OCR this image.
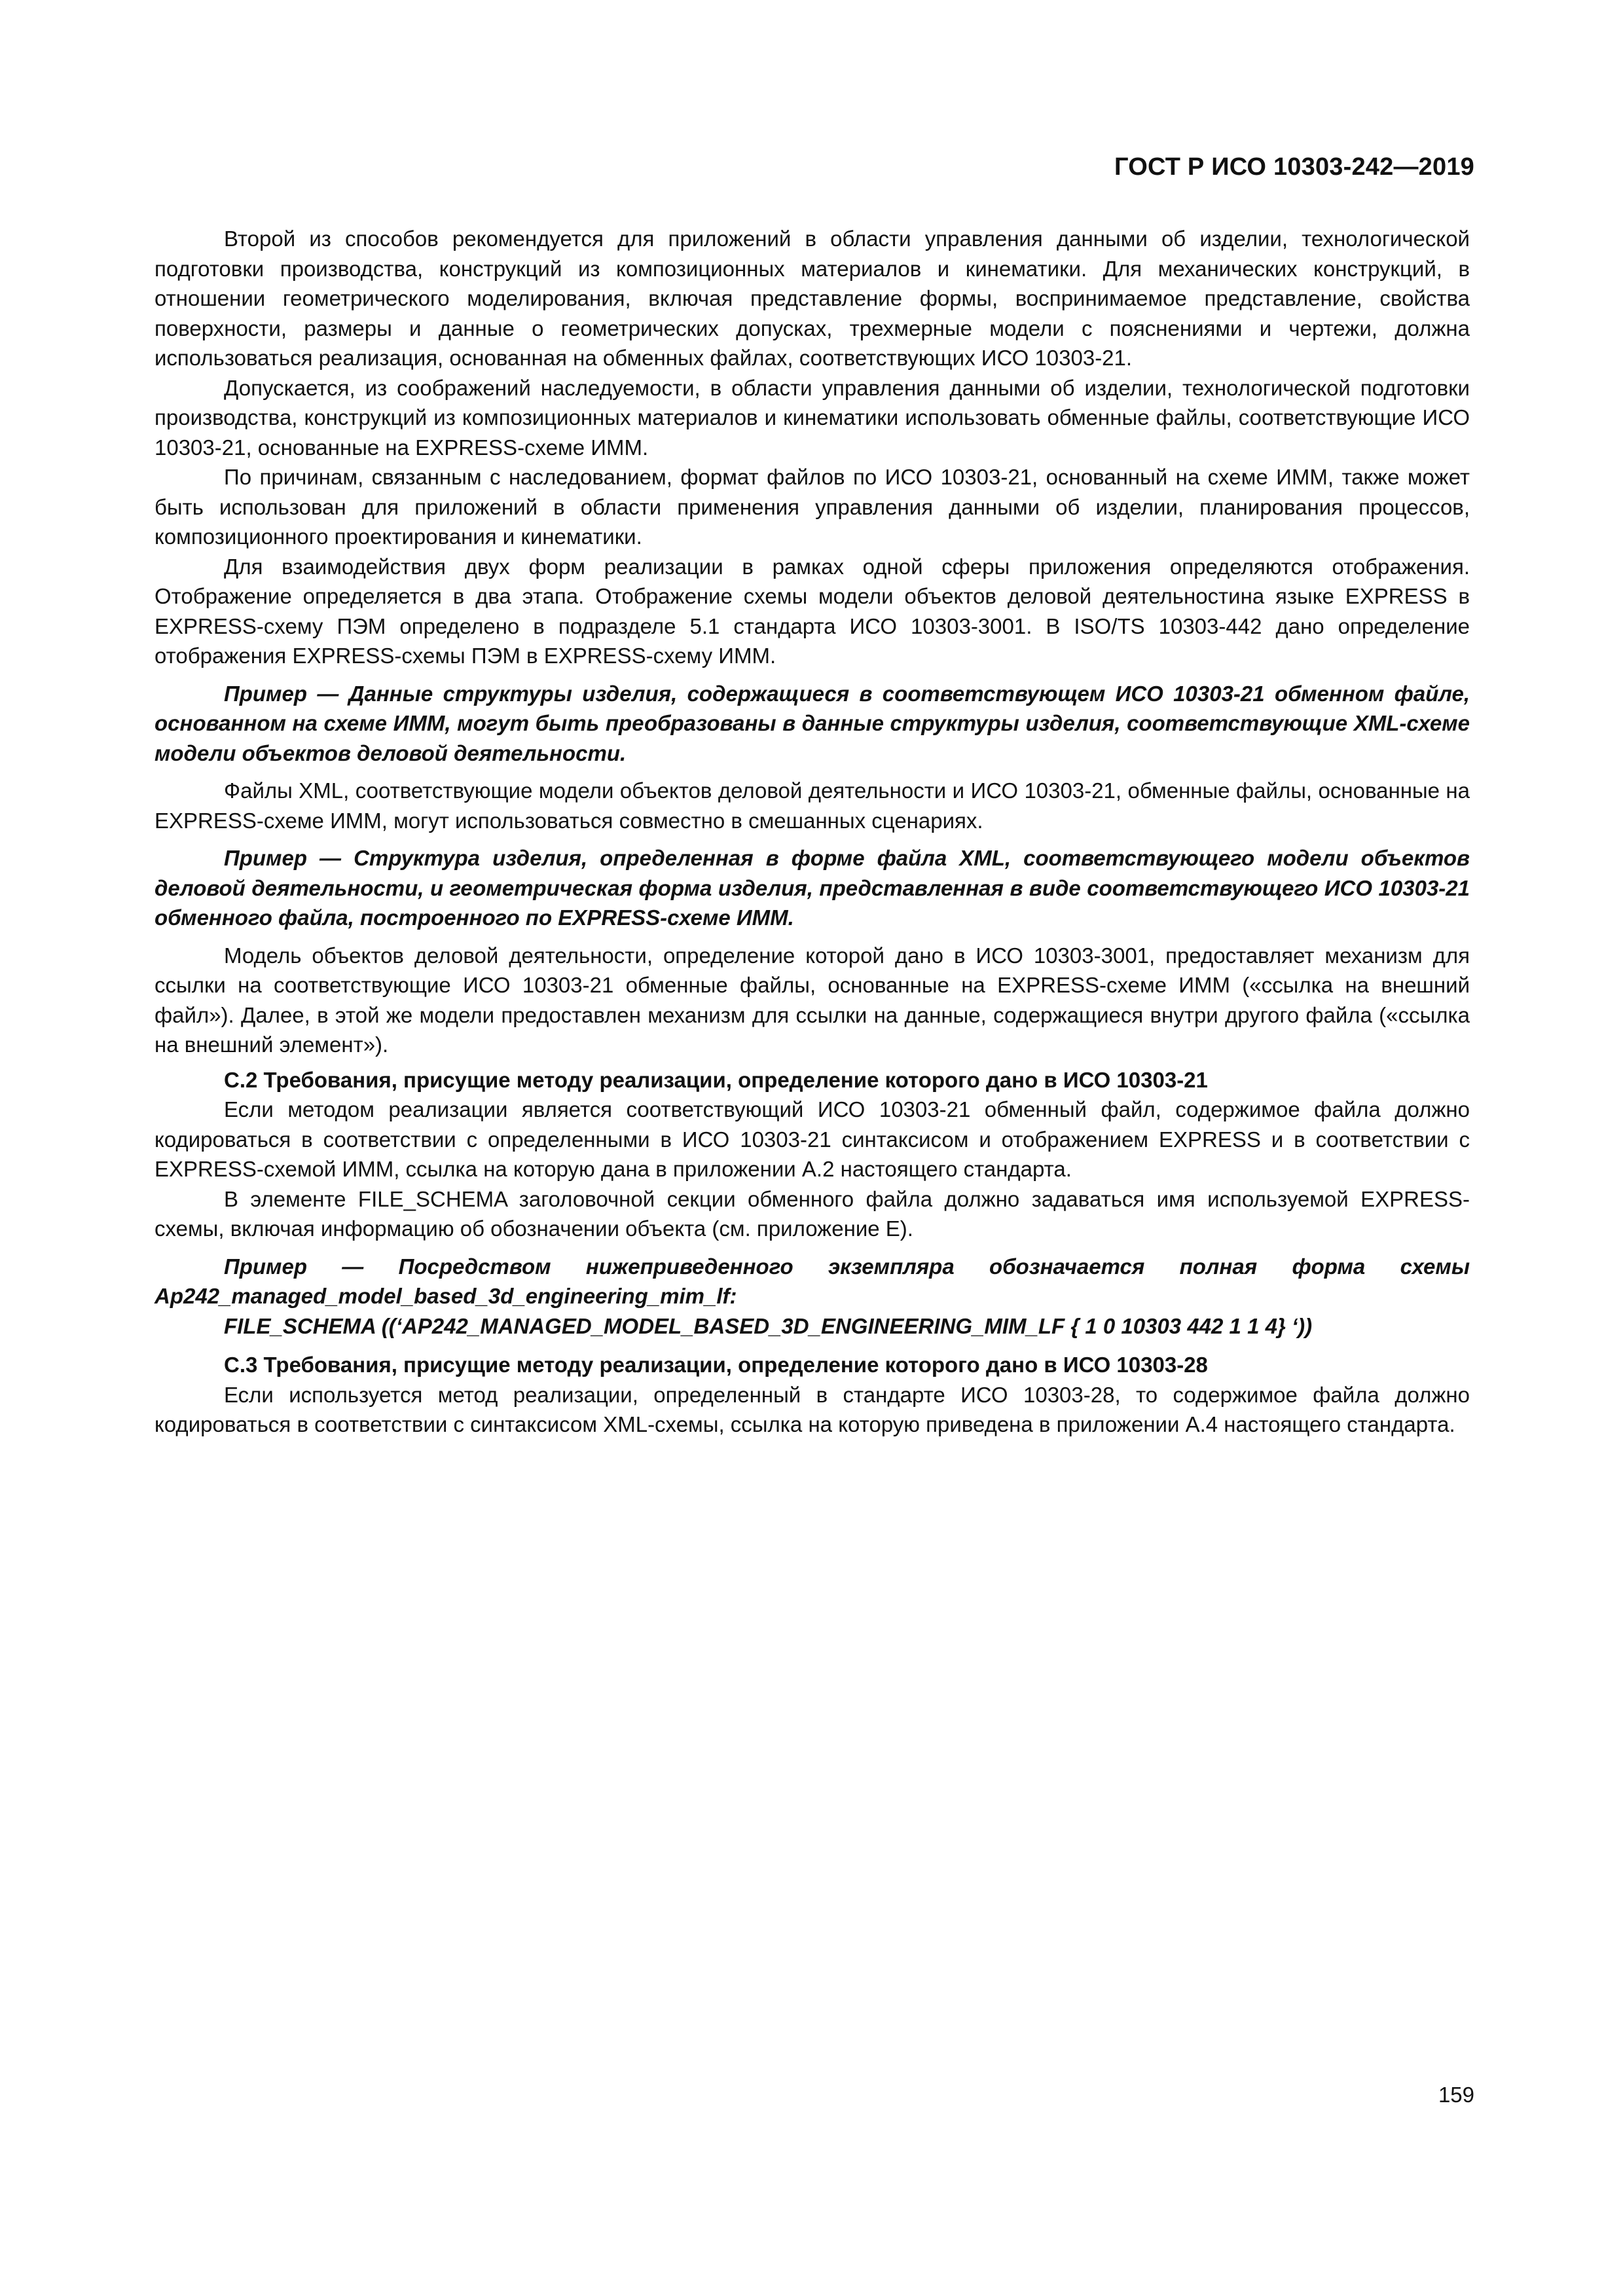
ГОСТ Р ИСО 10303-242—2019

Второй из способов рекомендуется для приложений в области управления данными об изделии, технологической подготовки производства, конструкций из композиционных материалов и кинематики. Для механических конструкций, в отношении геометрического моделирования, включая представление формы, воспринимаемое представление, свойства поверхности, размеры и данные о геометрических допусках, трехмерные модели с пояснениями и чертежи, должна использоваться реализация, основанная на обменных файлах, соответствующих ИСО 10303-21.

Допускается, из соображений наследуемости, в области управления данными об изделии, технологической подготовки производства, конструкций из композиционных материалов и кинематики использовать обменные файлы, соответствующие ИСО 10303-21, основанные на EXPRESS-схеме ИММ.

По причинам, связанным с наследованием, формат файлов по ИСО 10303-21, основанный на схеме ИММ, также может быть использован для приложений в области применения управления данными об изделии, планирования процессов, композиционного проектирования и кинематики.

Для взаимодействия двух форм реализации в рамках одной сферы приложения определяются отображения. Отображение определяется в два этапа. Отображение схемы модели объектов деловой деятельностина языке EXPRESS в EXPRESS-схему ПЭМ определено в подразделе 5.1 стандарта ИСО 10303-3001. В ISO/TS 10303-442 дано определение отображения EXPRESS-схемы ПЭМ в EXPRESS-схему ИММ.

Пример — Данные структуры изделия, содержащиеся в соответствующем ИСО 10303-21 обменном файле, основанном на схеме ИММ, могут быть преобразованы в данные структуры изделия, соответствующие XML-схеме модели объектов деловой деятельности.

Файлы XML, соответствующие модели объектов деловой деятельности и ИСО 10303-21, обменные файлы, основанные на EXPRESS-схеме ИММ, могут использоваться совместно в смешанных сценариях.

Пример — Структура изделия, определенная в форме файла XML, соответствующего модели объектов деловой деятельности, и геометрическая форма изделия, представленная в виде соответствующего ИСО 10303-21 обменного файла, построенного по EXPRESS-схеме ИММ.

Модель объектов деловой деятельности, определение которой дано в ИСО 10303-3001, предоставляет механизм для ссылки на соответствующие ИСО 10303-21 обменные файлы, основанные на EXPRESS-схеме ИММ («ссылка на внешний файл»). Далее, в этой же модели предоставлен механизм для ссылки на данные, содержащиеся внутри другого файла («ссылка на внешний элемент»).

С.2 Требования, присущие методу реализации, определение которого дано в ИСО 10303-21

Если методом реализации является соответствующий ИСО 10303-21 обменный файл, содержимое файла должно кодироваться в соответствии с определенными в ИСО 10303-21 синтаксисом и отображением EXPRESS и в соответствии с EXPRESS-схемой ИММ, ссылка на которую дана в приложении А.2 настоящего стандарта.

В элементе FILE_SCHEMA заголовочной секции обменного файла должно задаваться имя используемой EXPRESS-схемы, включая информацию об обозначении объекта (см. приложение Е).

Пример — Посредством нижеприведенного экземпляра обозначается полная форма схемы Ap242_managed_model_based_3d_engineering_mim_lf:

FILE_SCHEMA ((‘AP242_MANAGED_MODEL_BASED_3D_ENGINEERING_MIM_LF { 1 0 10303 442 1 1 4} ‘))

С.3 Требования, присущие методу реализации, определение которого дано в ИСО 10303-28

Если используется метод реализации, определенный в стандарте ИСО 10303-28, то содержимое файла должно кодироваться в соответствии с синтаксисом XML-схемы, ссылка на которую приведена в приложении А.4 настоящего стандарта.

159
